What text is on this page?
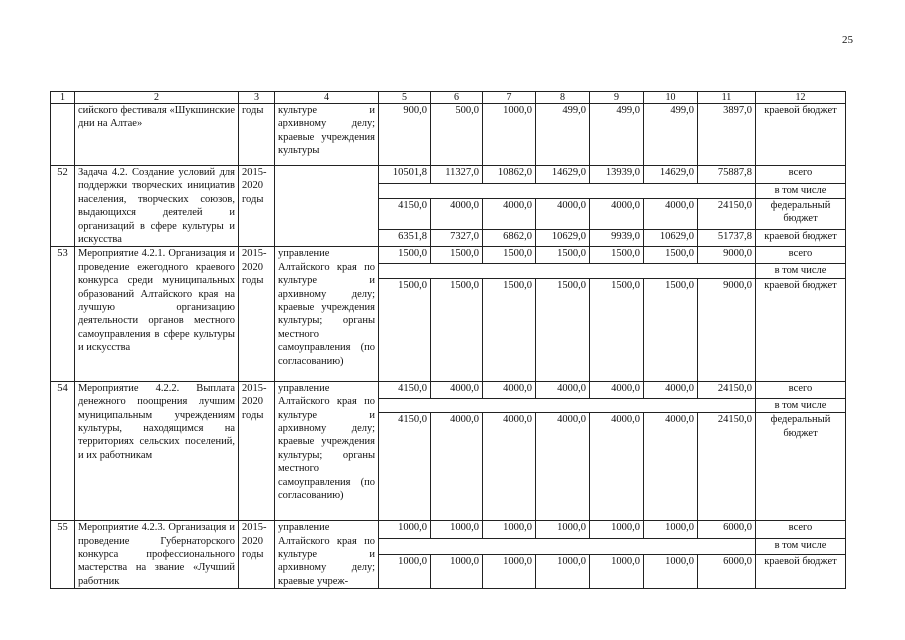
25
1	2	3	4	5	6	7	8	9	10	11	12
	сийского фестиваля «Шукшинские дни на Алтае»	годы	культуре и архивному делу; краевые учреждения культуры	900,0	500,0	1000,0	499,0	499,0	499,0	3897,0	краевой бюджет
52	Задача 4.2. Создание условий для поддержки творческих инициатив населения, творческих союзов, выдающихся деятелей и организаций в сфере культуры и искусства	2015-2020 годы		10501,8	11327,0	10862,0	14629,0	13939,0	14629,0	75887,8	всего
											в том числе
				4150,0	4000,0	4000,0	4000,0	4000,0	4000,0	24150,0	федеральный бюджет
				6351,8	7327,0	6862,0	10629,0	9939,0	10629,0	51737,8	краевой бюджет
53	Мероприятие 4.2.1. Организация и проведение ежегодного краевого конкурса среди муниципальных образований Алтайского края на лучшую организацию деятельности органов местного самоуправления в сфере культуры и искусства	2015-2020 годы	управление Алтайского края по культуре и архивному делу; краевые учреждения культуры; органы местного самоуправления (по согласованию)	1500,0	1500,0	1500,0	1500,0	1500,0	1500,0	9000,0	всего
											в том числе
				1500,0	1500,0	1500,0	1500,0	1500,0	1500,0	9000,0	краевой бюджет
54	Мероприятие 4.2.2. Выплата денежного поощрения лучшим муниципальным учреждениям культуры, находящимся на территориях сельских поселений, и их работникам	2015-2020 годы	управление Алтайского края по культуре и архивному делу; краевые учреждения культуры; органы местного самоуправления (по согласованию)	4150,0	4000,0	4000,0	4000,0	4000,0	4000,0	24150,0	всего
											в том числе
				4150,0	4000,0	4000,0	4000,0	4000,0	4000,0	24150,0	федеральный бюджет
55	Мероприятие 4.2.3. Организация и проведение Губернаторского конкурса профессионального мастерства на звание «Лучший работник	2015-2020 годы	управление Алтайского края по культуре и архивному делу; краевые учреж-	1000,0	1000,0	1000,0	1000,0	1000,0	1000,0	6000,0	всего
											в том числе
				1000,0	1000,0	1000,0	1000,0	1000,0	1000,0	6000,0	краевой бюджет
